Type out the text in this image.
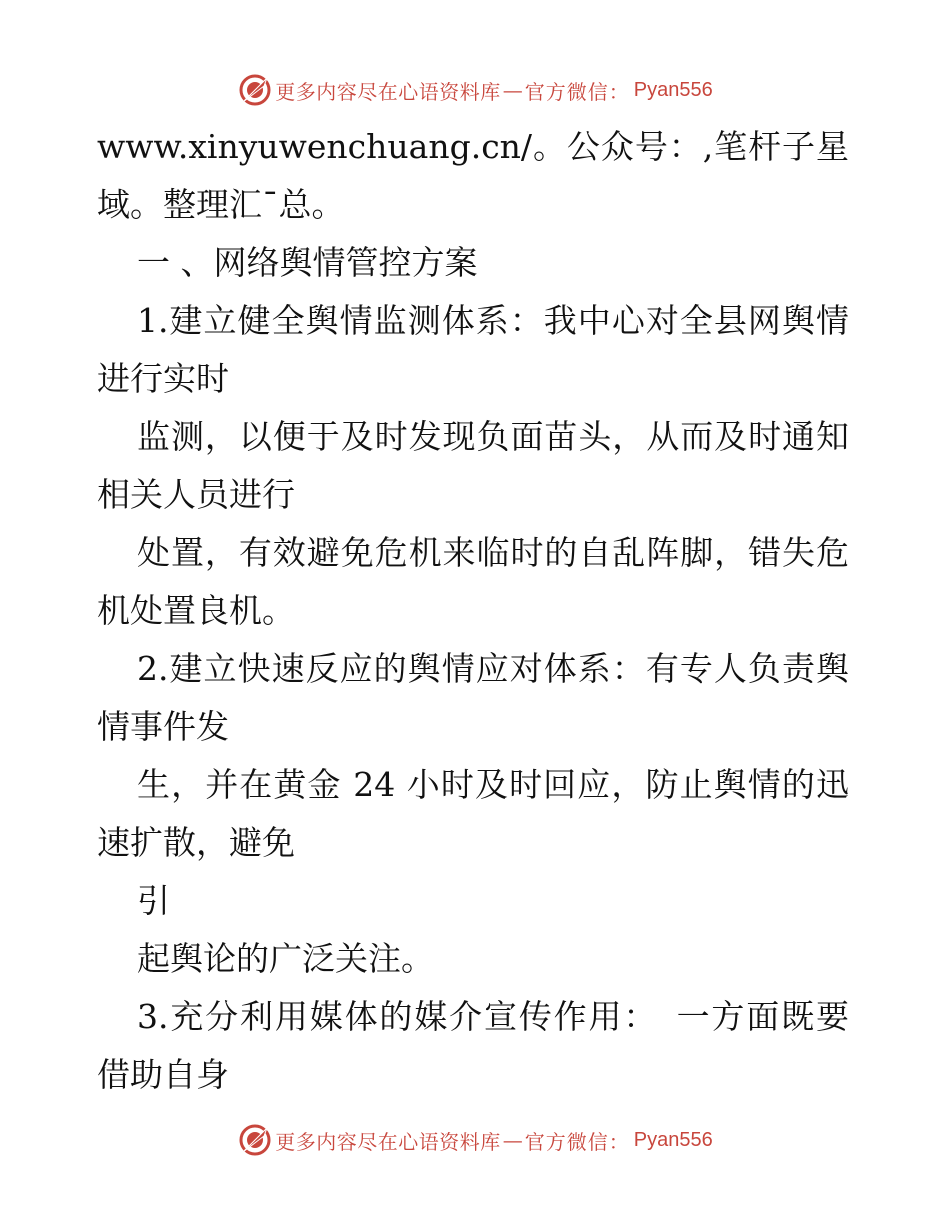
更多内容尽在心语资料库 — 官方微信： Pyan556
www.xinyuwenchuang.cn/。公众号：,笔杆子星
域。整理汇¯总。
一 、网络舆情管控方案
1.建立健全舆情监测体系：我中心对全县网舆情
进行实时
监测，以便于及时发现负面苗头，从而及时通知
相关人员进行
处置，有效避免危机来临时的自乱阵脚，错失危
机处置良机。
2.建立快速反应的舆情应对体系：有专人负责舆
情事件发
生，并在黄金 24 小时及时回应，防止舆情的迅
速扩散，避免
引
起舆论的广泛关注。
3.充分利用媒体的媒介宣传作用：　一方面既要
借助自身
更多内容尽在心语资料库 — 官方微信： Pyan556
